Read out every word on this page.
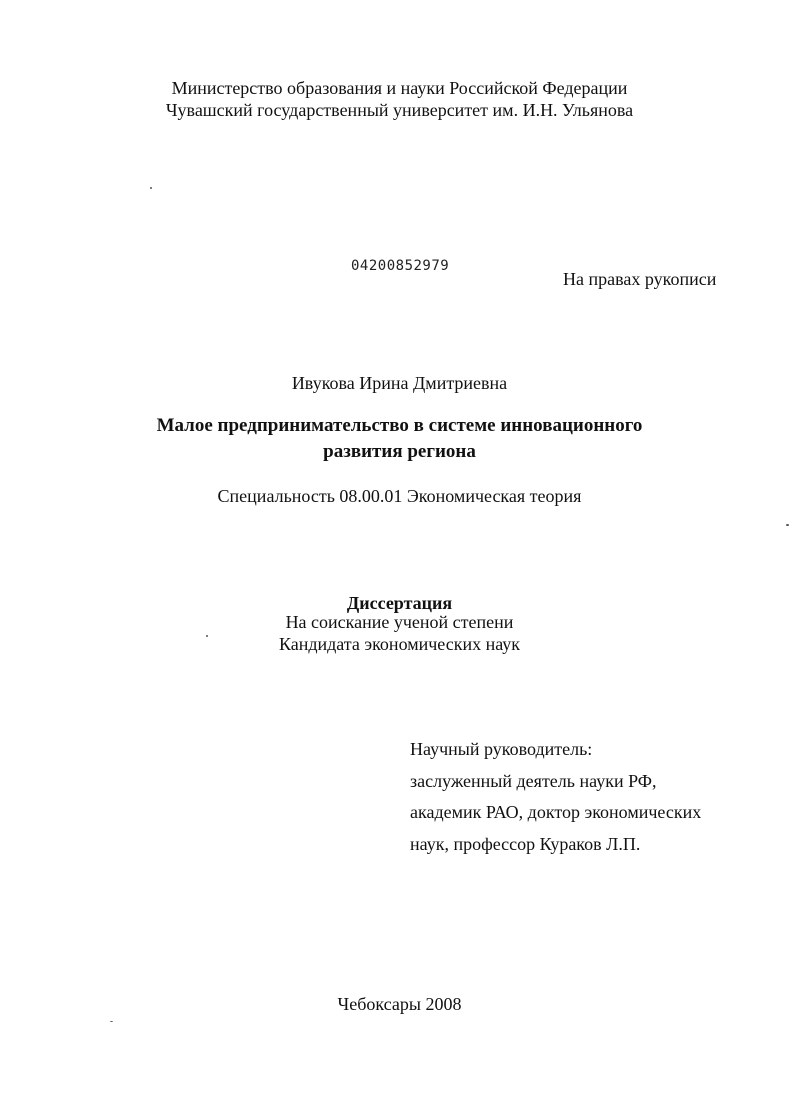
Министерство образования и науки Российской Федерации
Чувашский государственный университет им. И.Н. Ульянова
04200852979
На правах рукописи
Ивукова Ирина Дмитриевна
Малое предпринимательство в системе инновационного
развития региона
Специальность 08.00.01 Экономическая теория
Диссертация
На соискание ученой степени
Кандидата экономических наук
Научный руководитель:
заслуженный деятель науки РФ,
академик РАО, доктор экономических
наук, профессор Кураков Л.П.
Чебоксары 2008
